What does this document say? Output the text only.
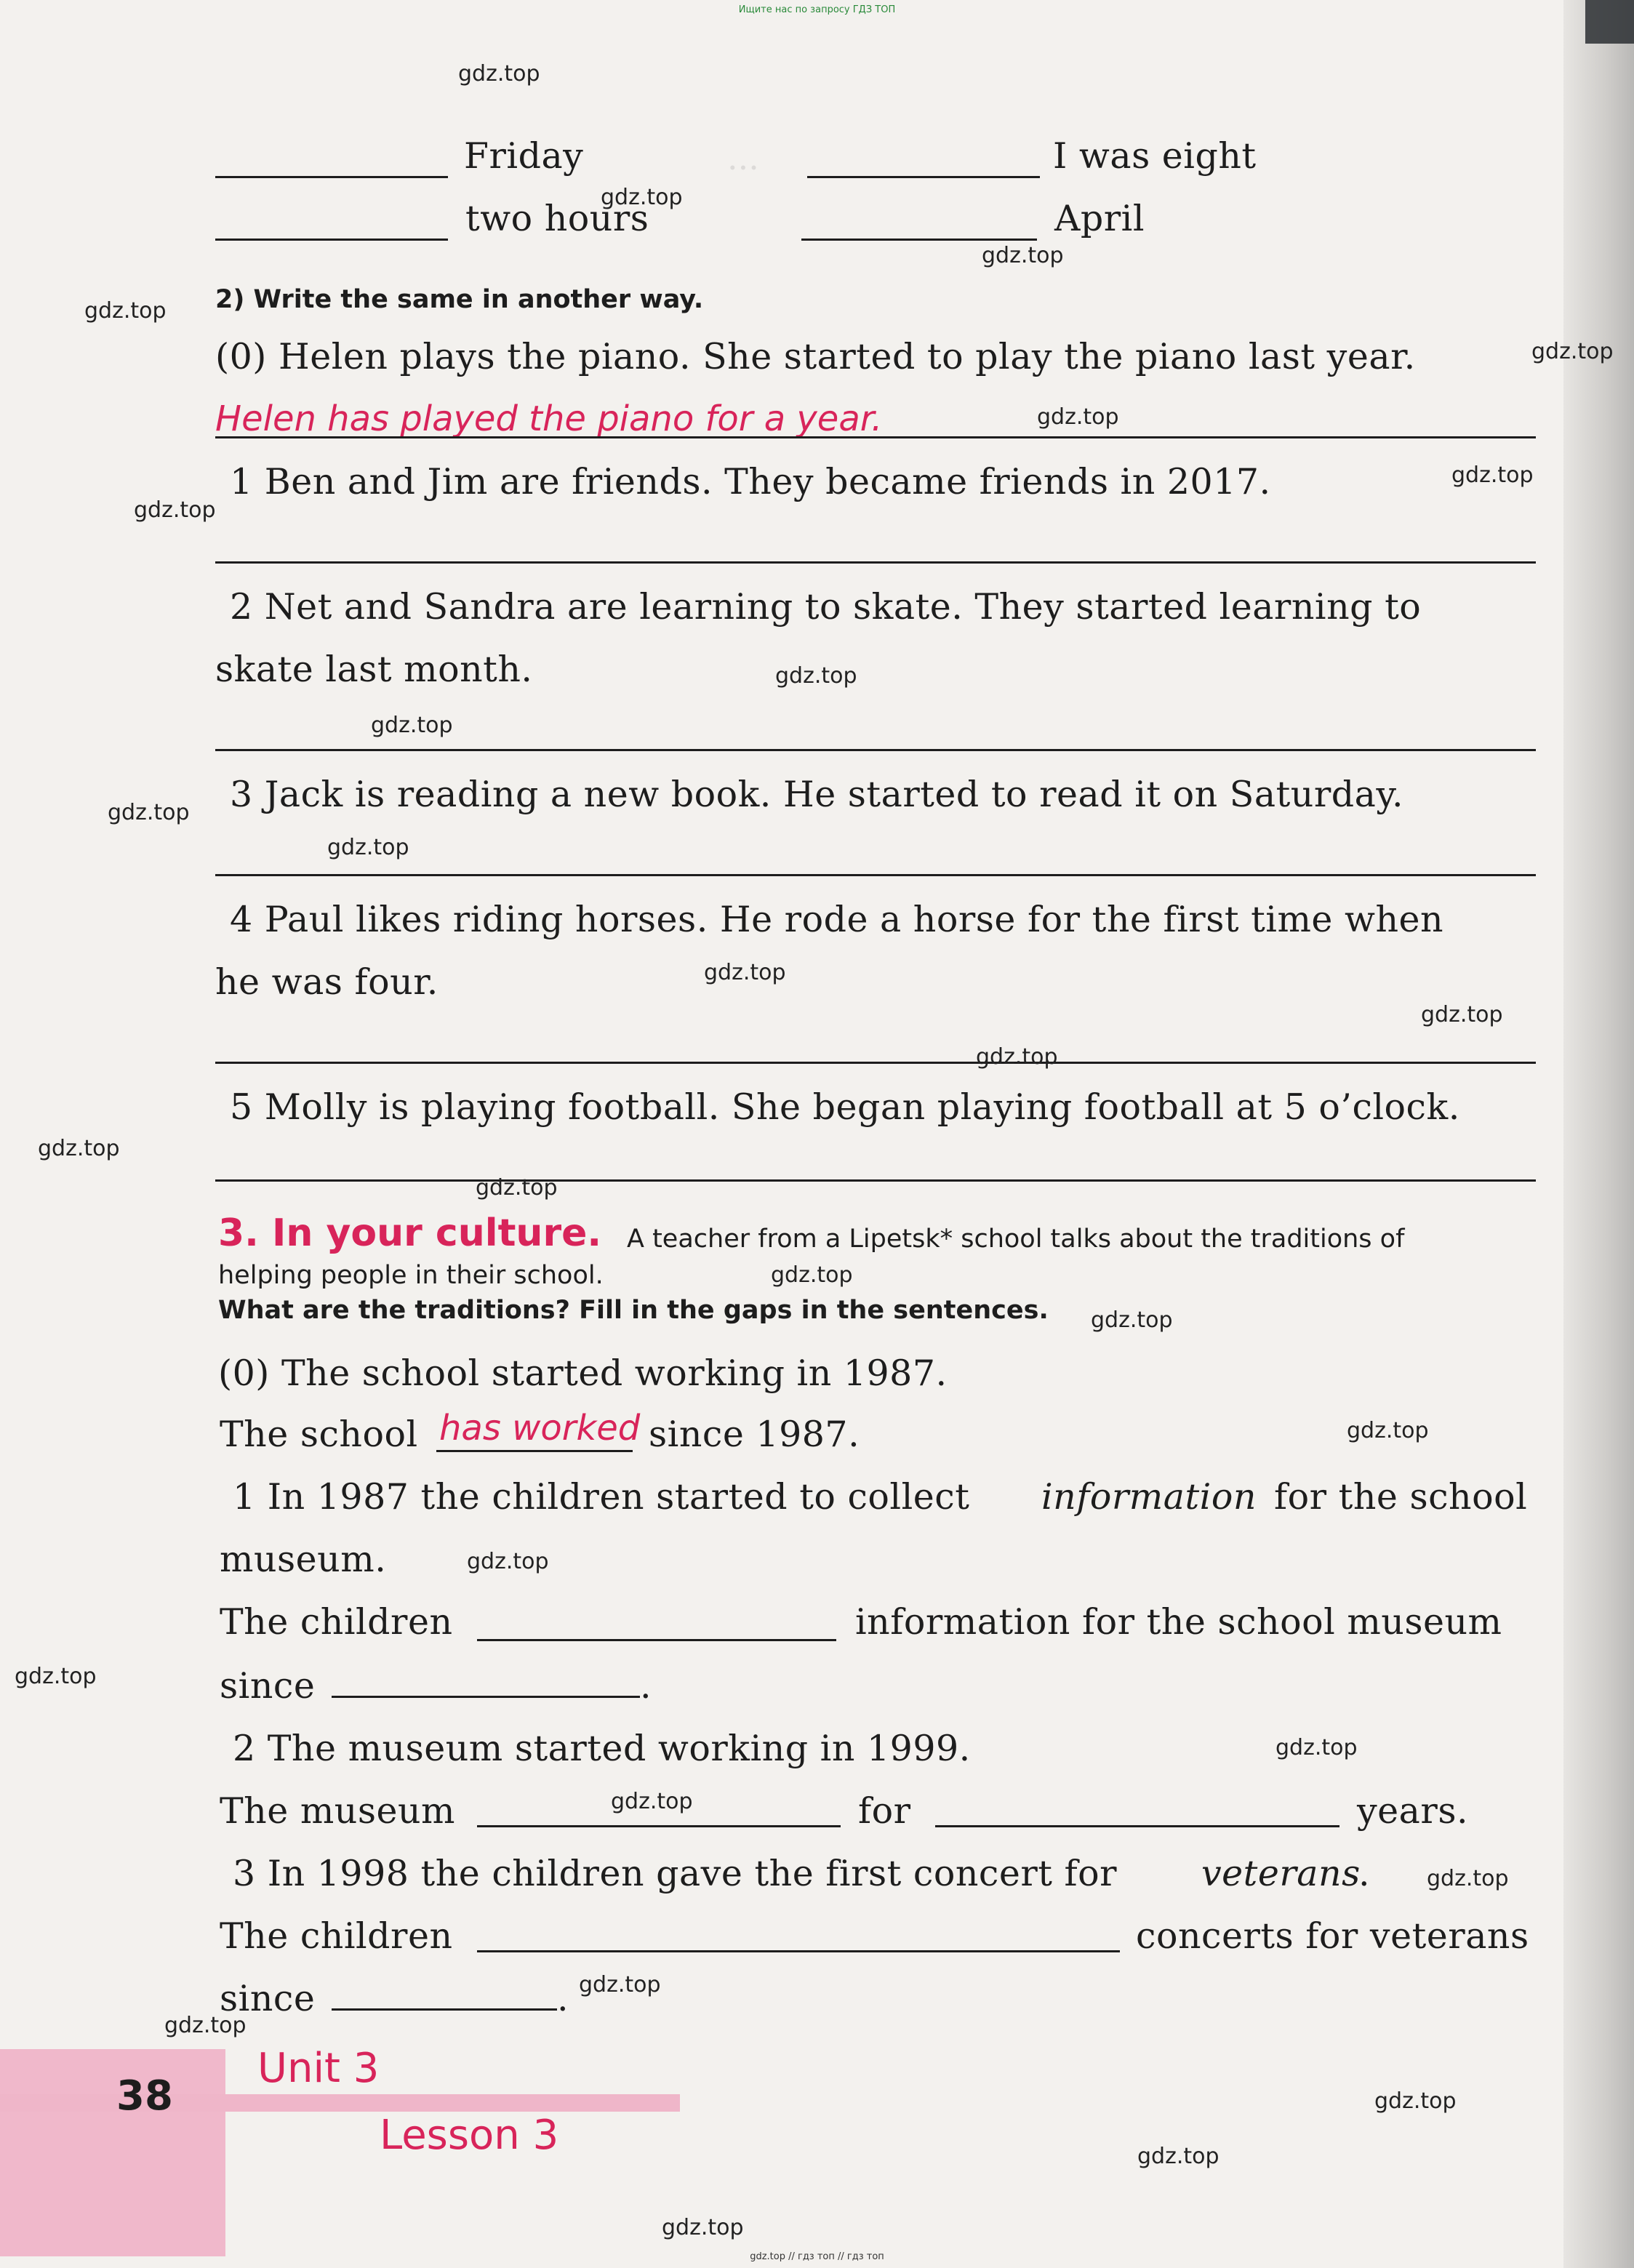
Ищите нас по запросу ГДЗ ТОП
...
Friday	I was eight
two hours	April
2) Write the same in another way.
(0) Helen plays the piano. She started to play the piano last year.
Helen has played the piano for a year.
1 Ben and Jim are friends. They became friends in 2017.
2 Net and Sandra are learning to skate. They started learning to
skate last month.
3 Jack is reading a new book. He started to read it on Saturday.
4 Paul likes riding horses. He rode a horse for the first time when
he was four.
5 Molly is playing football. She began playing football at 5 o’clock.
3. In your culture. A teacher from a Lipetsk* school talks about the traditions of
helping people in their school.
What are the traditions? Fill in the gaps in the sentences.
(0) The school started working in 1987.
The school has worked since 1987.
1 In 1987 the children started to collect information for the school
museum.
The children	information for the school museum
since	.
2 The museum started working in 1999.
The museum	for	years.
3 In 1998 the children gave the first concert for veterans
.
The children	concerts for veterans
since	.
38
Unit 3
Lesson 3
gdz.top // гдз топ // гдз топ
gdz.top
gdz.top
gdz.top
gdz.top
gdz.top
gdz.top
gdz.top
gdz.top
gdz.top
gdz.top
gdz.top
gdz.top
gdz.top
gdz.top
gdz.top
gdz.top
gdz.top
gdz.top
gdz.top
gdz.top
gdz.top
gdz.top
gdz.top
gdz.top
gdz.top
gdz.top
gdz.top
gdz.top
gdz.top
gdz.top
